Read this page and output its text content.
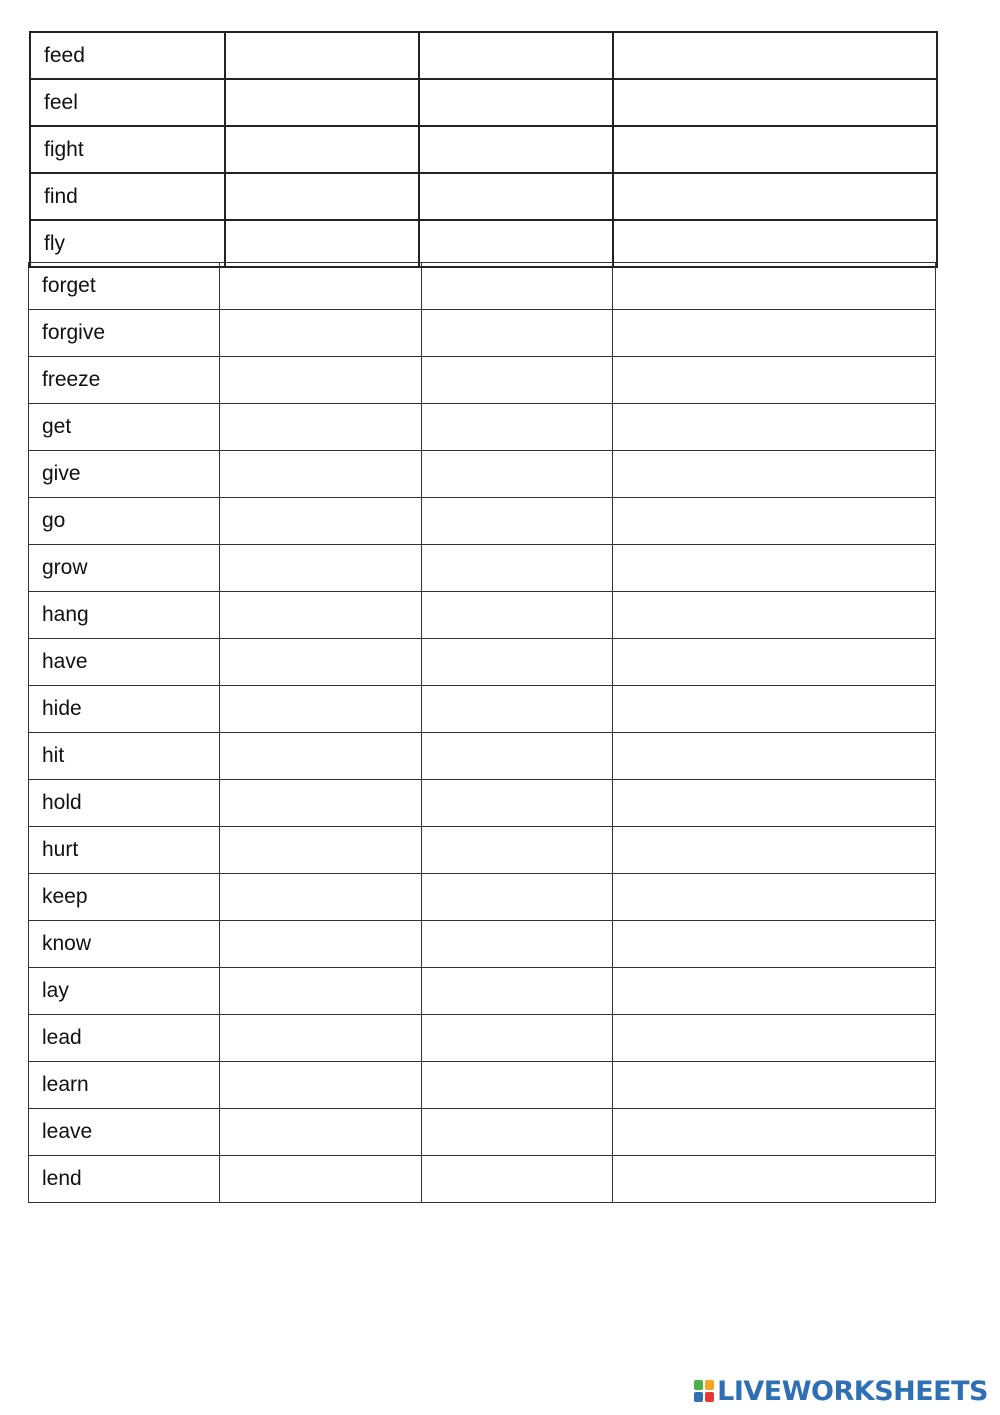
feed			
feel			
fight			
find			
fly			
forget			
forgive			
freeze			
get			
give			
go			
grow			
hang			
have			
hide			
hit			
hold			
hurt			
keep			
know			
lay			
lead			
learn			
leave			
lend			
LIVEWORKSHEETS
